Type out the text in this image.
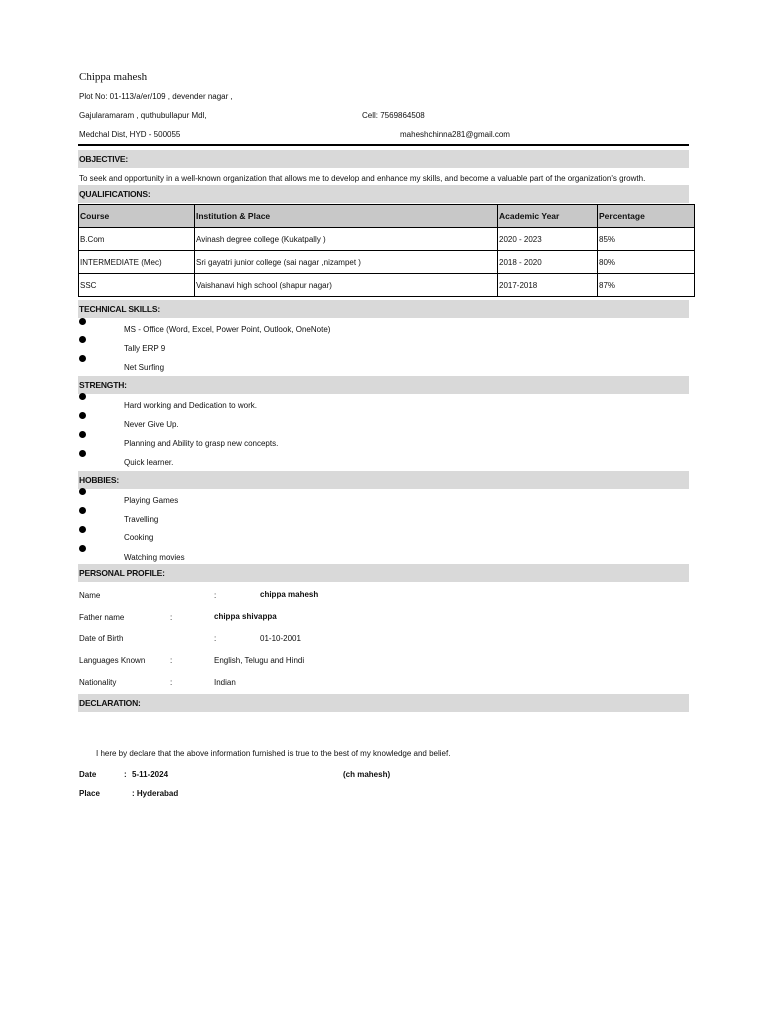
Chippa mahesh
Plot No: 01-113/a/er/109 , devender nagar ,
Gajularamaram , quthubullapur Mdl,	Cell: 7569864508
Medchal Dist, HYD - 500055	maheshchinna281@gmail.com
OBJECTIVE:
To seek and opportunity in a well-known organization that allows me to develop and enhance my skills, and become a valuable part of the organization's growth.
QUALIFICATIONS:
Course	Institution & Place	Academic Year	Percentage
B.Com	Avinash degree college (Kukatpally )	2020 - 2023	85%
INTERMEDIATE (Mec)	Sri gayatri junior college (sai nagar ,nizampet )	2018 - 2020	80%
SSC	Vaishanavi high school (shapur nagar)	2017-2018	87%
TECHNICAL SKILLS:
MS - Office (Word, Excel, Power Point, Outlook, OneNote)
Tally ERP 9
Net Surfing
STRENGTH:
Hard working and Dedication to work.
Never Give Up.
Planning and Ability to grasp new concepts.
Quick learner.
HOBBIES:
Playing Games
Travelling
Cooking
Watching movies
PERSONAL PROFILE:
Name	:	chippa mahesh
Father name	:	chippa shivappa
Date of Birth	:	01-10-2001
Languages Known	:	English, Telugu and Hindi
Nationality	:	Indian
DECLARATION:
I here by declare that the above information furnished is true to the best of my knowledge and belief.
Date	: 5-11-2024	(ch mahesh)
Place	: Hyderabad
